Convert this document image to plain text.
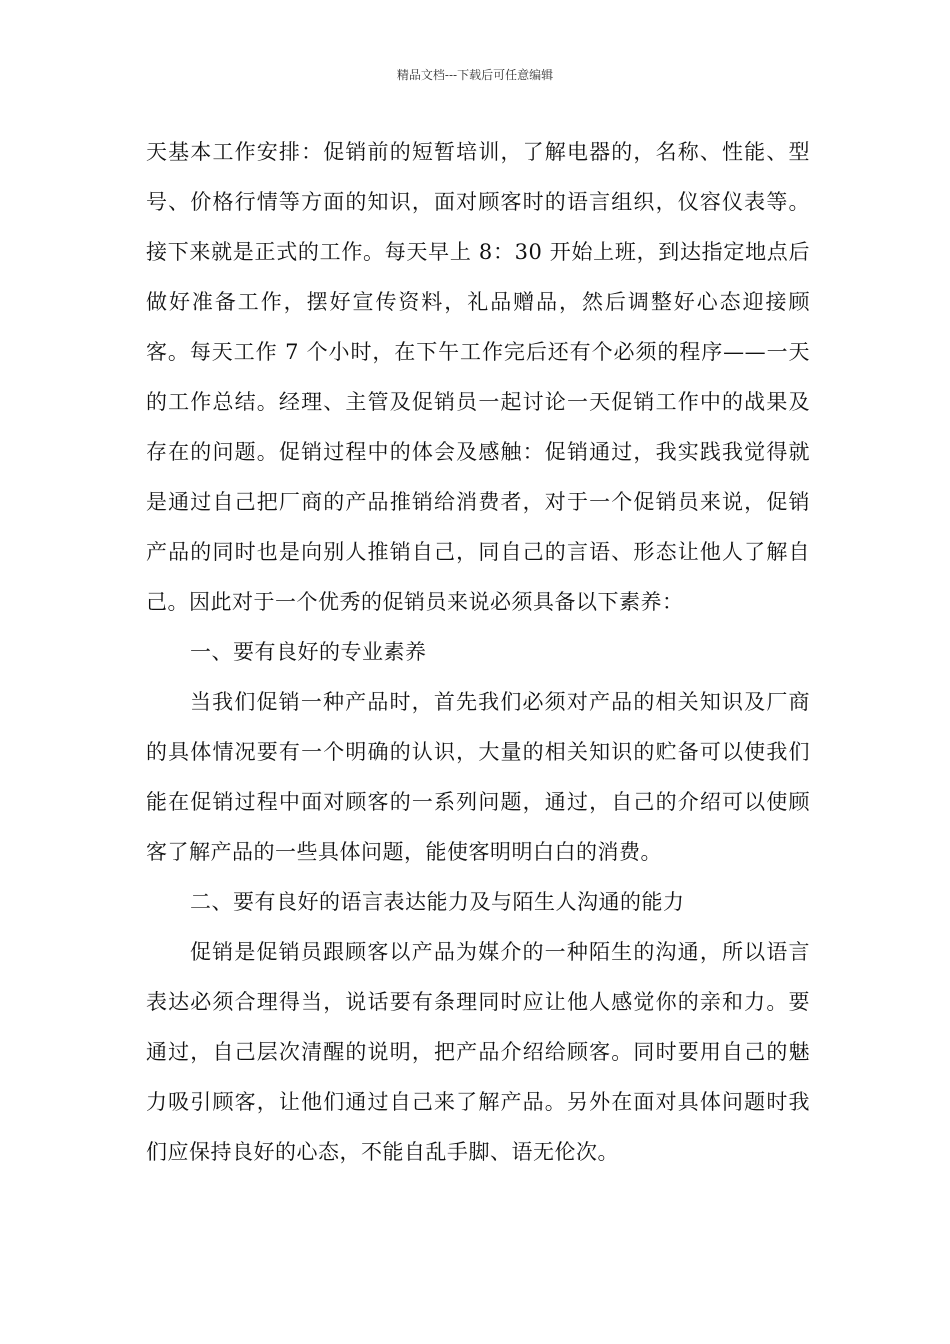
精品文档---下载后可任意编辑

天基本工作安排：促销前的短暂培训，了解电器的，名称、性能、型号、价格行情等方面的知识，面对顾客时的语言组织，仪容仪表等。接下来就是正式的工作。每天早上 8：30 开始上班，到达指定地点后做好准备工作，摆好宣传资料，礼品赠品，然后调整好心态迎接顾客。每天工作 7 个小时，在下午工作完后还有个必须的程序——一天的工作总结。经理、主管及促销员一起讨论一天促销工作中的战果及存在的问题。促销过程中的体会及感触：促销通过，我实践我觉得就是通过自己把厂商的产品推销给消费者，对于一个促销员来说，促销产品的同时也是向别人推销自己，同自己的言语、形态让他人了解自己。因此对于一个优秀的促销员来说必须具备以下素养：

一、要有良好的专业素养

当我们促销一种产品时，首先我们必须对产品的相关知识及厂商的具体情况要有一个明确的认识，大量的相关知识的贮备可以使我们能在促销过程中面对顾客的一系列问题，通过，自己的介绍可以使顾客了解产品的一些具体问题，能使客明明白白的消费。

二、要有良好的语言表达能力及与陌生人沟通的能力

促销是促销员跟顾客以产品为媒介的一种陌生的沟通，所以语言表达必须合理得当，说话要有条理同时应让他人感觉你的亲和力。要通过，自己层次清醒的说明，把产品介绍给顾客。同时要用自己的魅力吸引顾客，让他们通过自己来了解产品。另外在面对具体问题时我们应保持良好的心态，不能自乱手脚、语无伦次。
